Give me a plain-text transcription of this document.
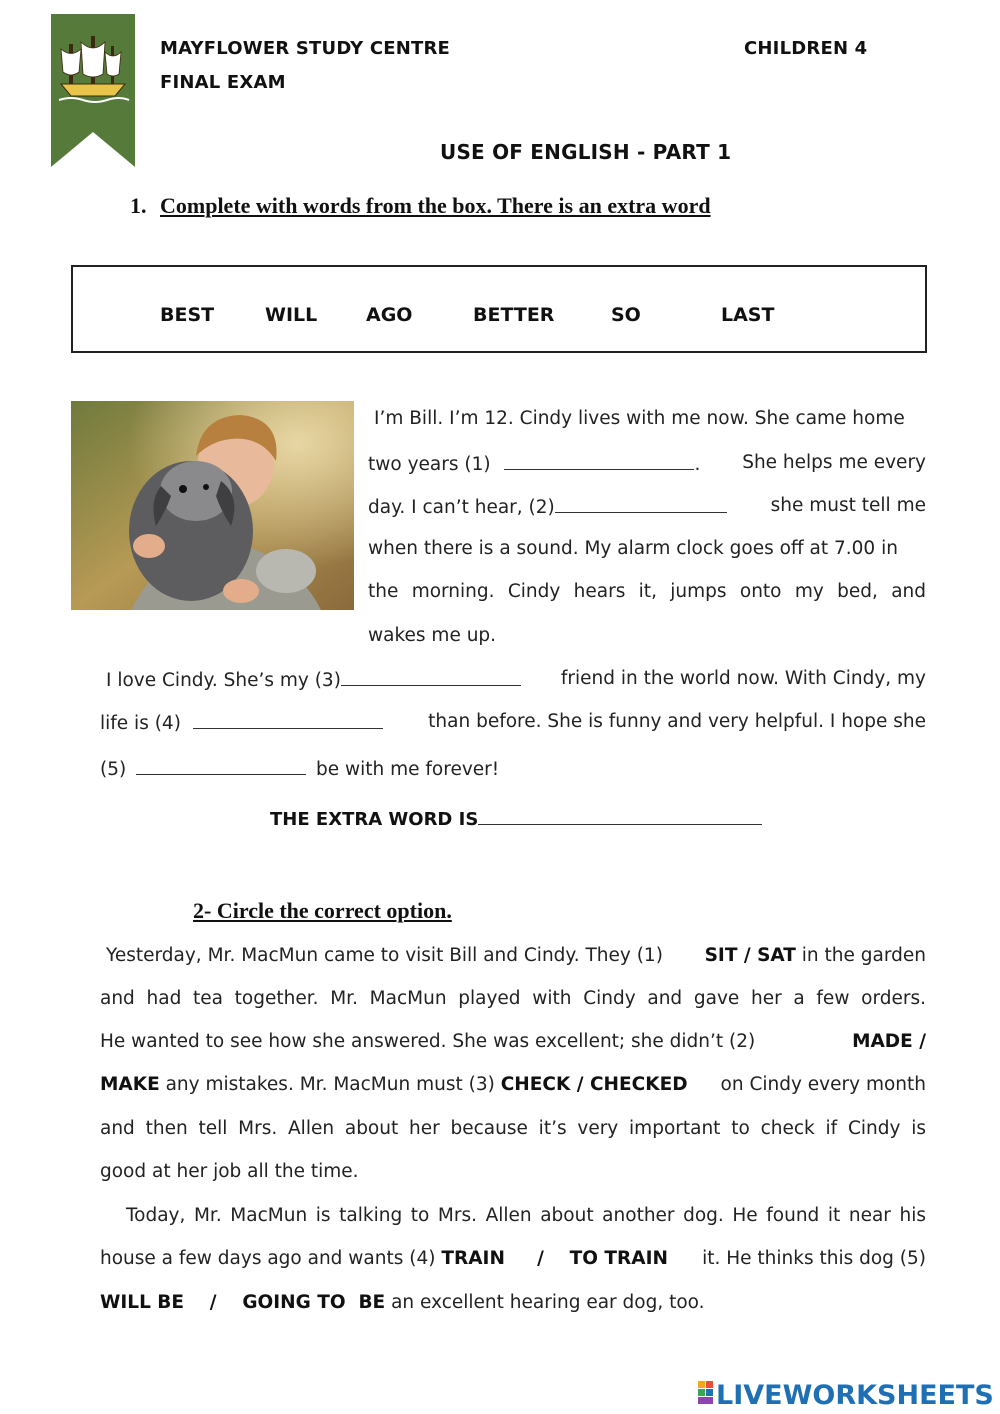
MAYFLOWER STUDY CENTRE
FINAL EXAM
CHILDREN 4
USE OF ENGLISH - PART 1
1. Complete with words from the box. There is an extra word
BEST	WILL	AGO	BETTER	SO	LAST
I’m Bill. I’m 12. Cindy lives with me now. She came home
two years (1)	. She helps me every
day. I can’t hear, (2)	she must tell me
when there is a sound. My alarm clock goes off at 7.00 in
the morning. Cindy hears it, jumps onto my bed, and
wakes me up.
I love Cindy. She’s my (3)	friend in the world now. With Cindy, my
life is (4)	than before. She is funny and very helpful. I hope she
(5)	be with me forever!
THE EXTRA WORD IS
2- Circle the correct option.
Yesterday, Mr. MacMun came to visit Bill and Cindy. They (1) SIT / SAT in the garden
and had tea together. Mr. MacMun played with Cindy and gave her a few orders.
He wanted to see how she answered. She was excellent; she didn’t (2)	MADE /
MAKE any mistakes. Mr. MacMun must (3) CHECK / CHECKED on Cindy every month
and then tell Mrs. Allen about her because it’s very important to check if Cindy is
good at her job all the time.
Today, Mr. MacMun is talking to Mrs. Allen about another dog. He found it near his
house a few days ago and wants (4) TRAIN     /    TO TRAIN it. He thinks this dog (5)
WILL BE    /    GOING TO  BE an excellent hearing ear dog, too.
LIVEWORKSHEETS
